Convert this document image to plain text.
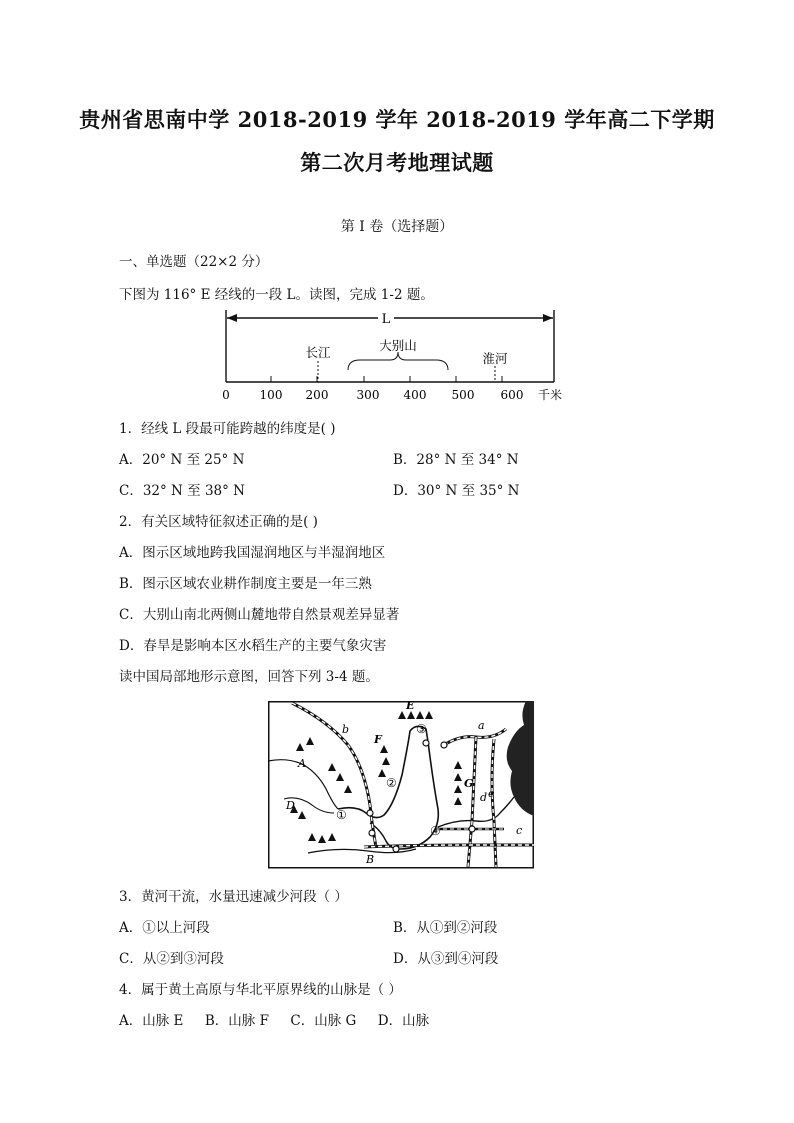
贵州省思南中学 2018-2019 学年 2018-2019 学年高二下学期
第二次月考地理试题
第 I 卷（选择题）
一、单选题（22×2 分）
下图为 116° E 经线的一段 L。读图，完成 1-2 题。
L
0 100 200 300 400 500 600 千米
长江	大别山
淮河
1．经线 L 段最可能跨越的纬度是( )
A．20° N 至 25° N	B．28° N 至 34° N
C．32° N 至 38° N	D．30° N 至 35° N
2．有关区域特征叙述正确的是( )
A．图示区域地跨我国湿润地区与半湿润地区
B．图示区域农业耕作制度主要是一年三熟
C．大别山南北两侧山麓地带自然景观差异显著
D．春旱是影响本区水稻生产的主要气象灾害
读中国局部地形示意图，回答下列 3-4 题。
a
b
c
d e
A
B
D
E
F
G
①
②
③
④
3．黄河干流，水量迅速减少河段（ ）
A．①以上河段	B．从①到②河段
C．从②到③河段	D．从③到④河段
4．属于黄土高原与华北平原界线的山脉是（ ）
A．山脉 E     B．山脉 F     C．山脉 G     D．山脉
